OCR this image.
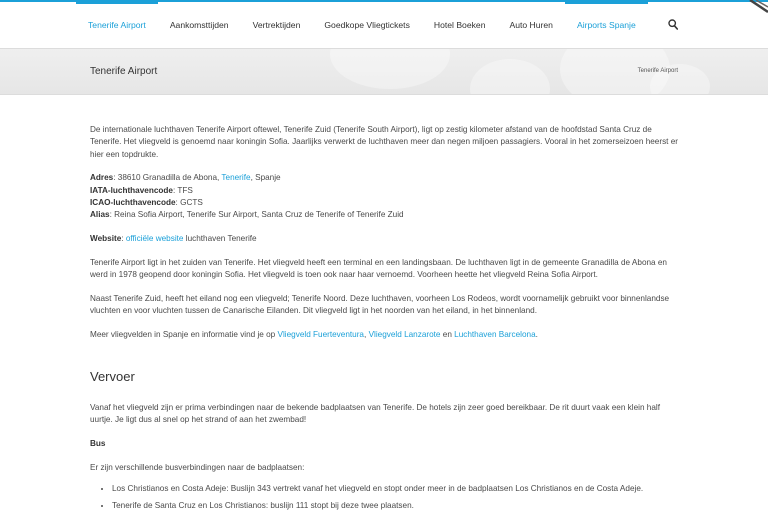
Tenerife Airport	Aankomsttijden	Vertrektijden	Goedkope Vliegtickets	Hotel Boeken	Auto Huren	Airports Spanje
Tenerife Airport	Tenerife Airport

De internationale luchthaven Tenerife Airport oftewel, Tenerife Zuid (Tenerife South Airport), ligt op zestig kilometer afstand van de hoofdstad Santa Cruz de Tenerife. Het vliegveld is genoemd naar koningin Sofia. Jaarlijks verwerkt de luchthaven meer dan negen miljoen passagiers. Vooral in het zomerseizoen heerst er hier een topdrukte.

Adres: 38610 Granadilla de Abona, Tenerife, Spanje

IATA-luchthavencode: TFS

ICAO-luchthavencode: GCTS

Alias: Reina Sofia Airport, Tenerife Sur Airport, Santa Cruz de Tenerife of Tenerife Zuid

Website: officiële website luchthaven Tenerife

Tenerife Airport ligt in het zuiden van Tenerife. Het vliegveld heeft een terminal en een landingsbaan. De luchthaven ligt in de gemeente Granadilla de Abona en werd in 1978 geopend door koningin Sofia. Het vliegveld is toen ook naar haar vernoemd. Voorheen heette het vliegveld Reina Sofia Airport.

Naast Tenerife Zuid, heeft het eiland nog een vliegveld; Tenerife Noord. Deze luchthaven, voorheen Los Rodeos, wordt voornamelijk gebruikt voor binnenlandse vluchten en voor vluchten tussen de Canarische Eilanden. Dit vliegveld ligt in het noorden van het eiland, in het binnenland.

Meer vliegvelden in Spanje en informatie vind je op Vliegveld Fuerteventura, Vliegveld Lanzarote en Luchthaven Barcelona.

Vervoer

Vanaf het vliegveld zijn er prima verbindingen naar de bekende badplaatsen van Tenerife. De hotels zijn zeer goed bereikbaar. De rit duurt vaak een klein half uurtje. Je ligt dus al snel op het strand of aan het zwembad!

Bus

Er zijn verschillende busverbindingen naar de badplaatsen:

• Los Christianos en Costa Adeje: Buslijn 343 vertrekt vanaf het vliegveld en stopt onder meer in de badplaatsen Los Christianos en de Costa Adeje.
• Tenerife de Santa Cruz en Los Christianos: buslijn 111 stopt bij deze twee plaatsen.
